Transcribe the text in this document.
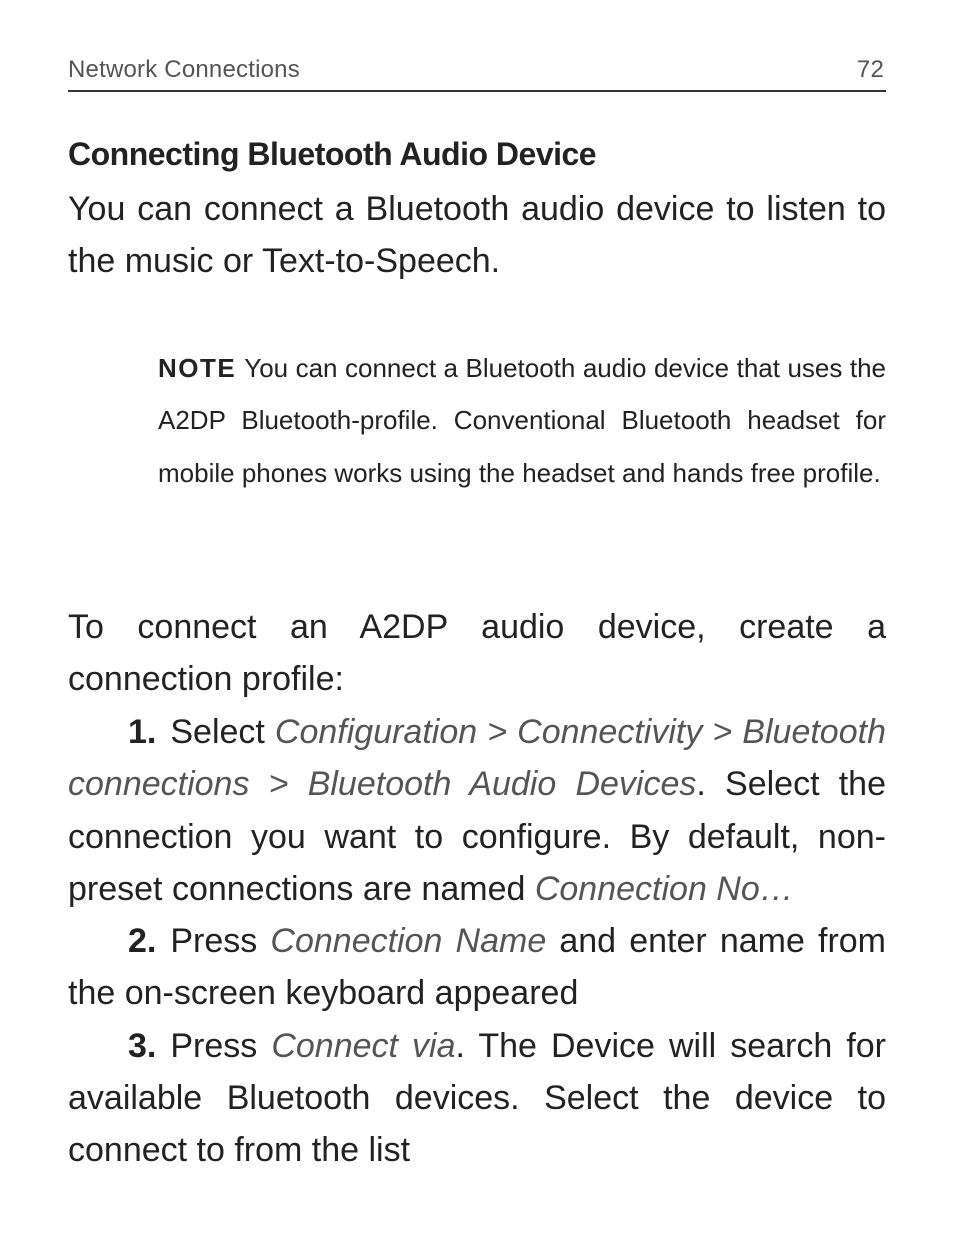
Network Connections	72
Connecting Bluetooth Audio Device
You can connect a Bluetooth audio device to listen to the music or Text-to-Speech.
NOTE You can connect a Bluetooth audio device that uses the A2DP Bluetooth-profile. Conventional Bluetooth headset for mobile phones works using the headset and hands free profile.
To connect an A2DP audio device, create a
connection profile:

1. Select Configuration > Connectivity > Bluetooth connections > Bluetooth Audio Devices. Select the connection you want to configure. By default, non-preset connections are named Connection No…

2. Press Connection Name and enter name from the on-screen keyboard appeared

3. Press Connect via. The Device will search for available Bluetooth devices. Select the device to connect to from the list
